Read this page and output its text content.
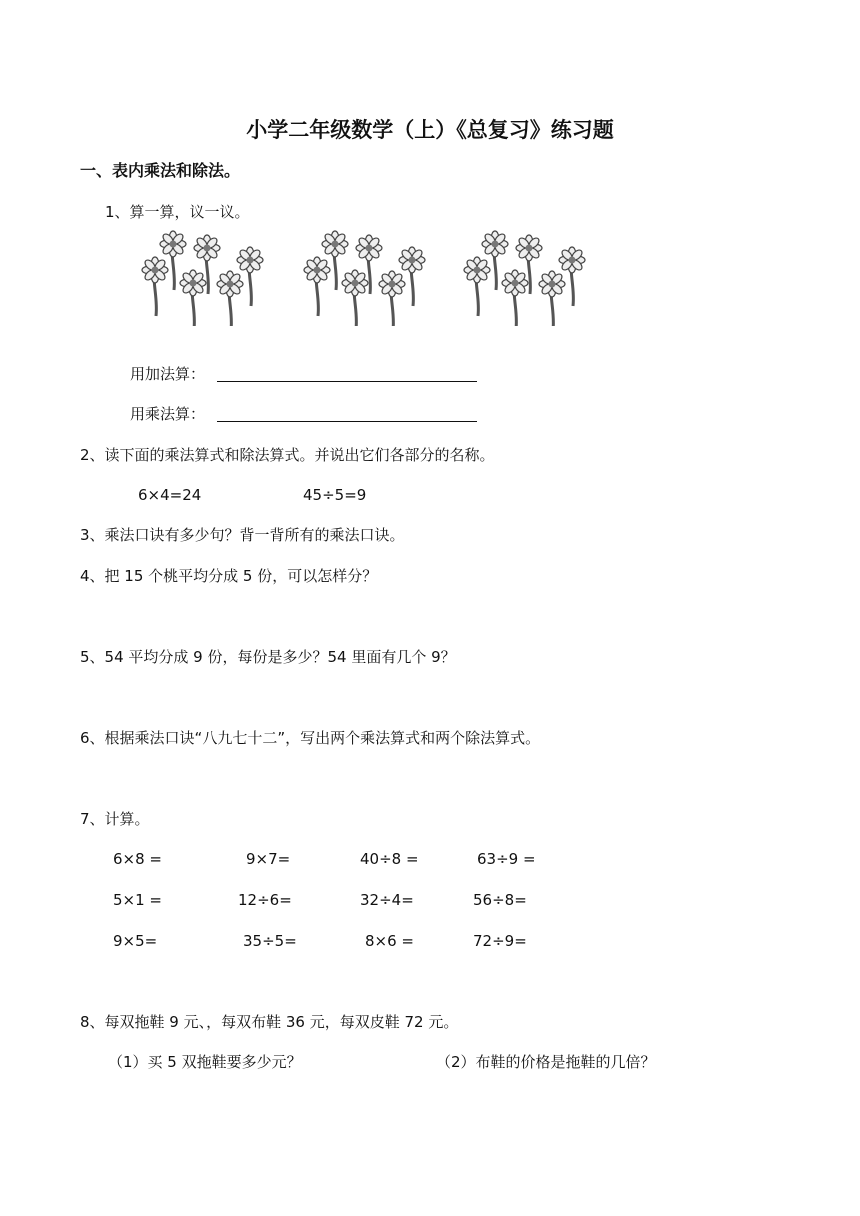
小学二年级数学（上）《总复习》练习题
一、表内乘法和除法。
1、算一算，议一议。
用加法算：
用乘法算：
2、读下面的乘法算式和除法算式。并说出它们各部分的名称。
6×4=24	45÷5=9
3、乘法口诀有多少句？背一背所有的乘法口诀。
4、把 15 个桃平均分成 5 份，可以怎样分？
5、54 平均分成 9 份，每份是多少？54 里面有几个 9？
6、根据乘法口诀“八九七十二”，写出两个乘法算式和两个除法算式。
7、计算。
6×8 =	9×7=	40÷8 =	63÷9 =
5×1 =	12÷6=	32÷4=	56÷8=
9×5=	35÷5=	8×6 =	72÷9=
8、每双拖鞋 9 元、，每双布鞋 36 元，每双皮鞋 72 元。
（1）买 5 双拖鞋要多少元？	（2）布鞋的价格是拖鞋的几倍？
